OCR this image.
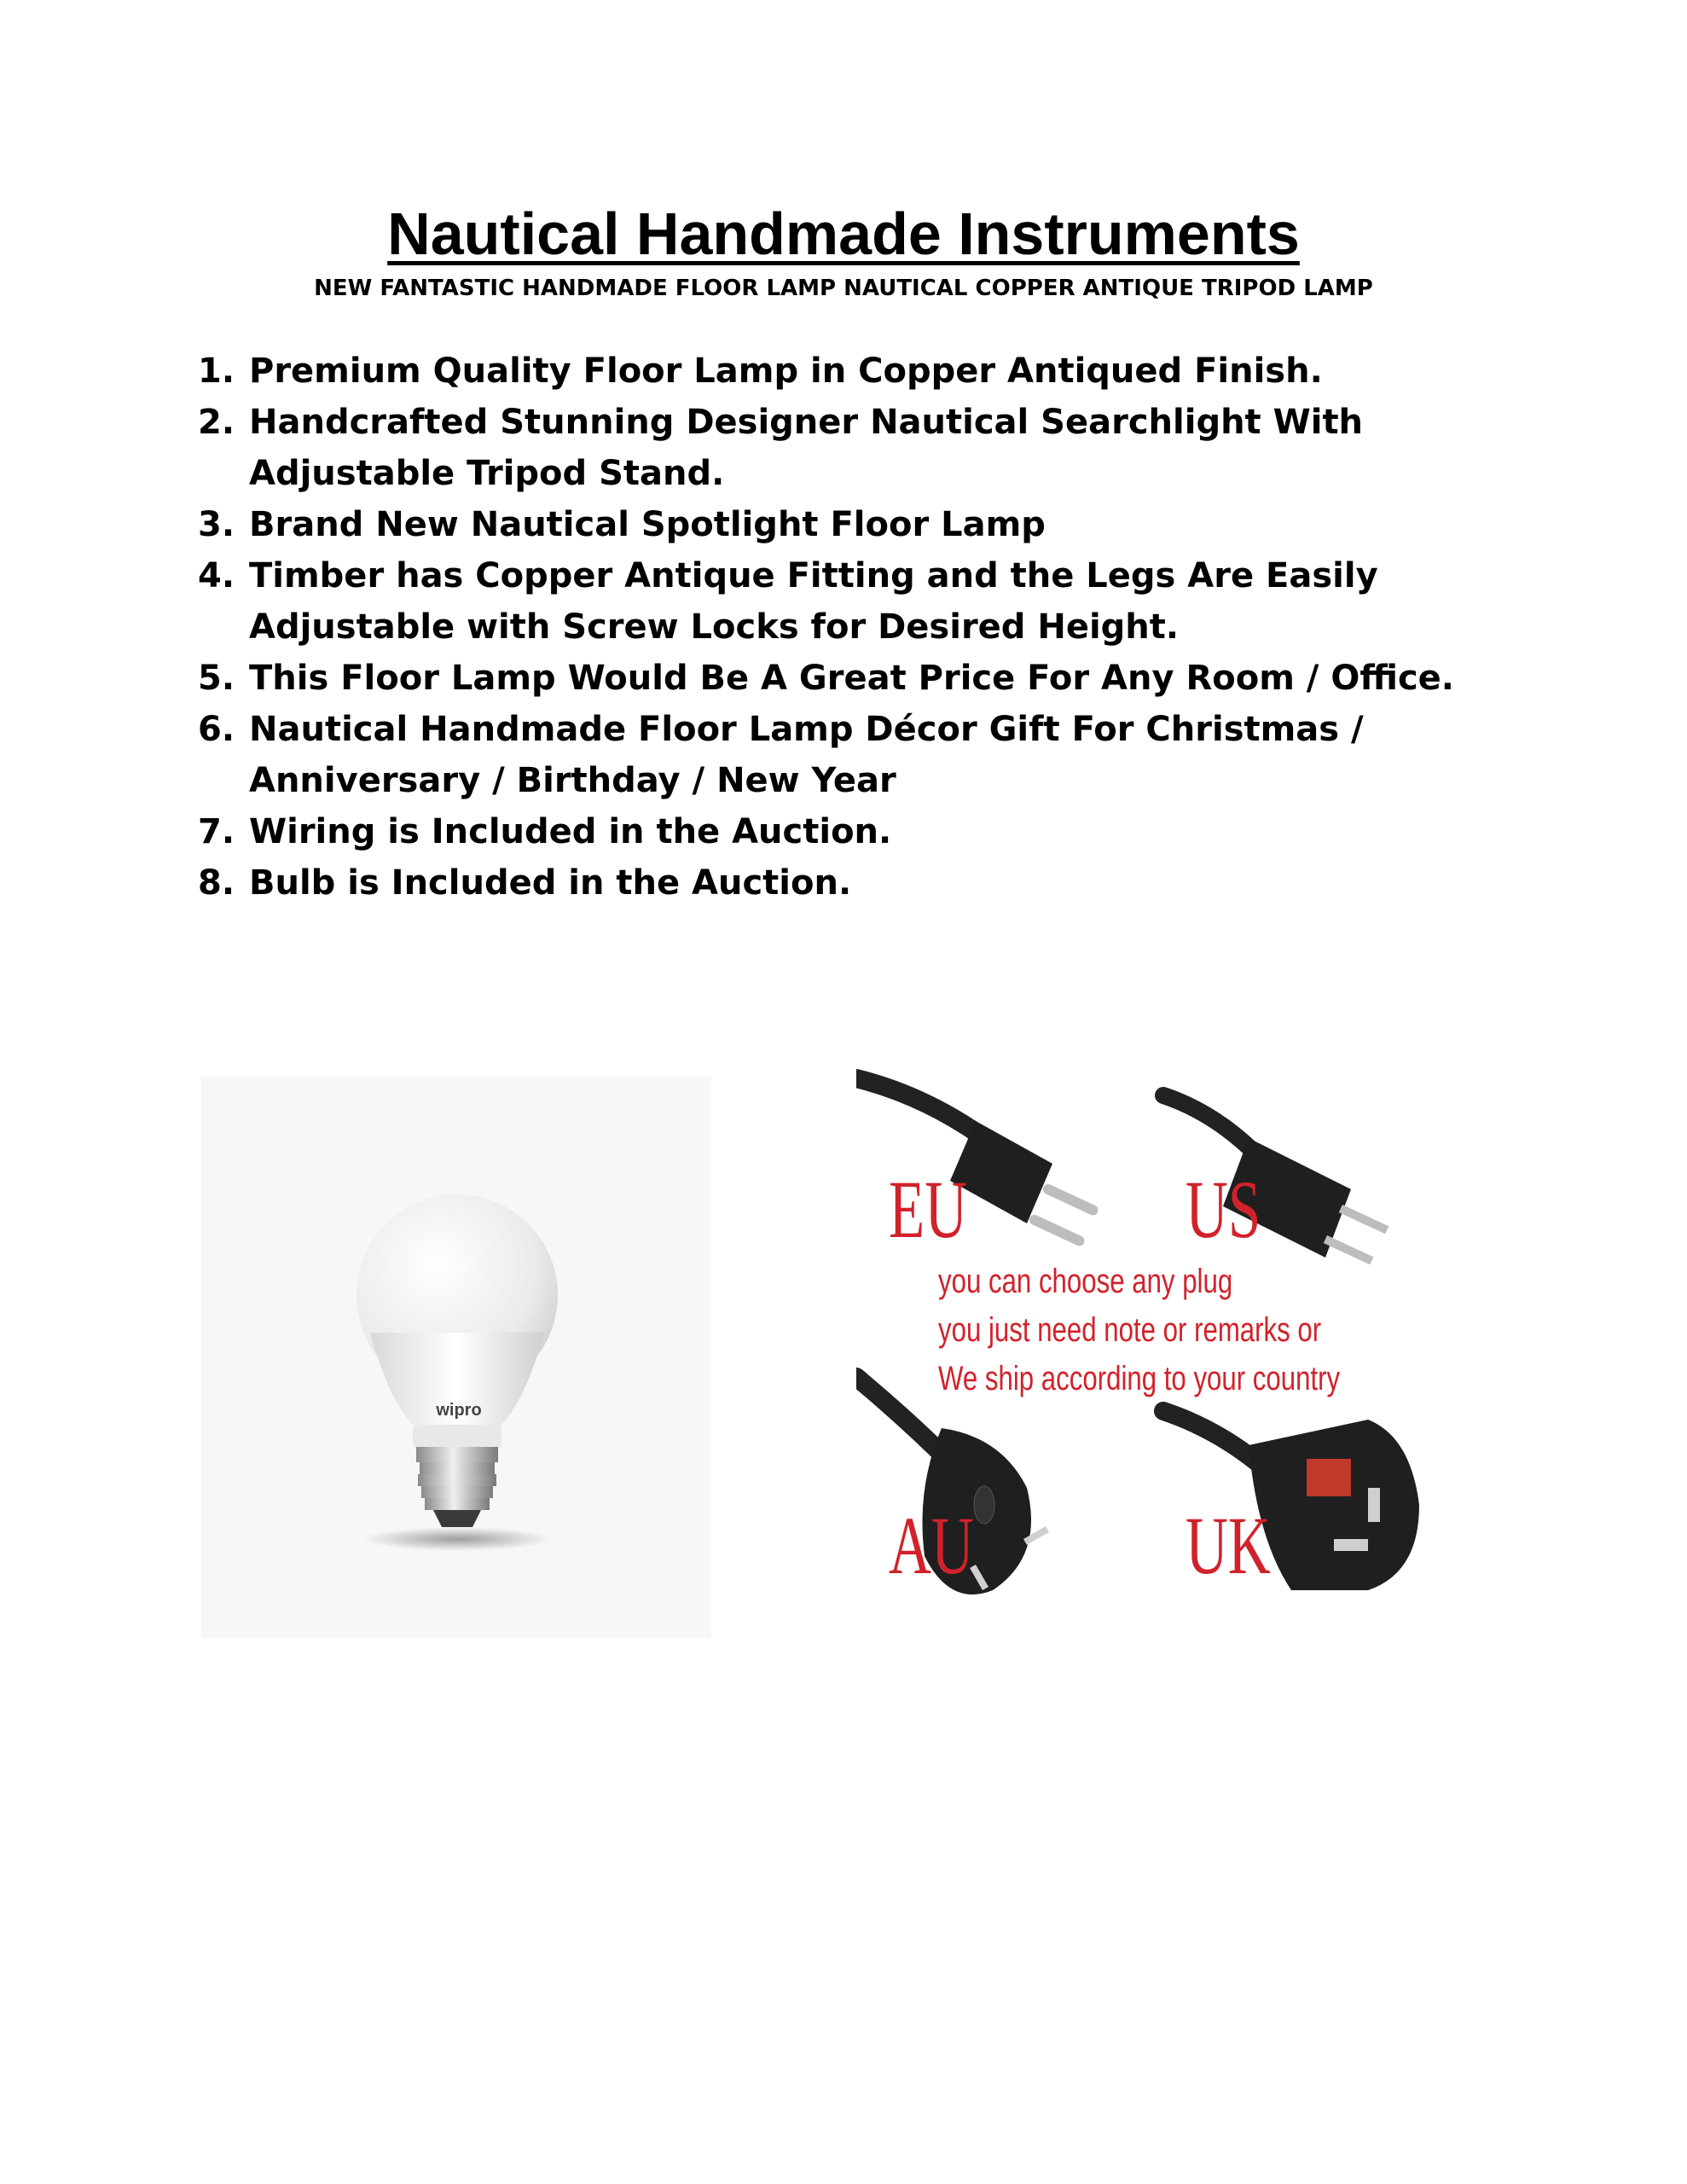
Nautical Handmade Instruments

NEW FANTASTIC HANDMADE FLOOR LAMP NAUTICAL COPPER ANTIQUE TRIPOD LAMP

1. Premium Quality Floor Lamp in Copper Antiqued Finish.
2. Handcrafted Stunning Designer Nautical Searchlight With Adjustable Tripod Stand.
3. Brand New Nautical Spotlight Floor Lamp
4. Timber has Copper Antique Fitting and the Legs Are Easily Adjustable with Screw Locks for Desired Height.
5. This Floor Lamp Would Be A Great Price For Any Room / Office.
6. Nautical Handmade Floor Lamp Décor Gift For Christmas / Anniversary / Birthday / New Year
7. Wiring is Included in the Auction.
8. Bulb is Included in the Auction.
wipro
EU	US
you can choose any plug
you just need note or remarks or
We ship according to your country
AU	UK
